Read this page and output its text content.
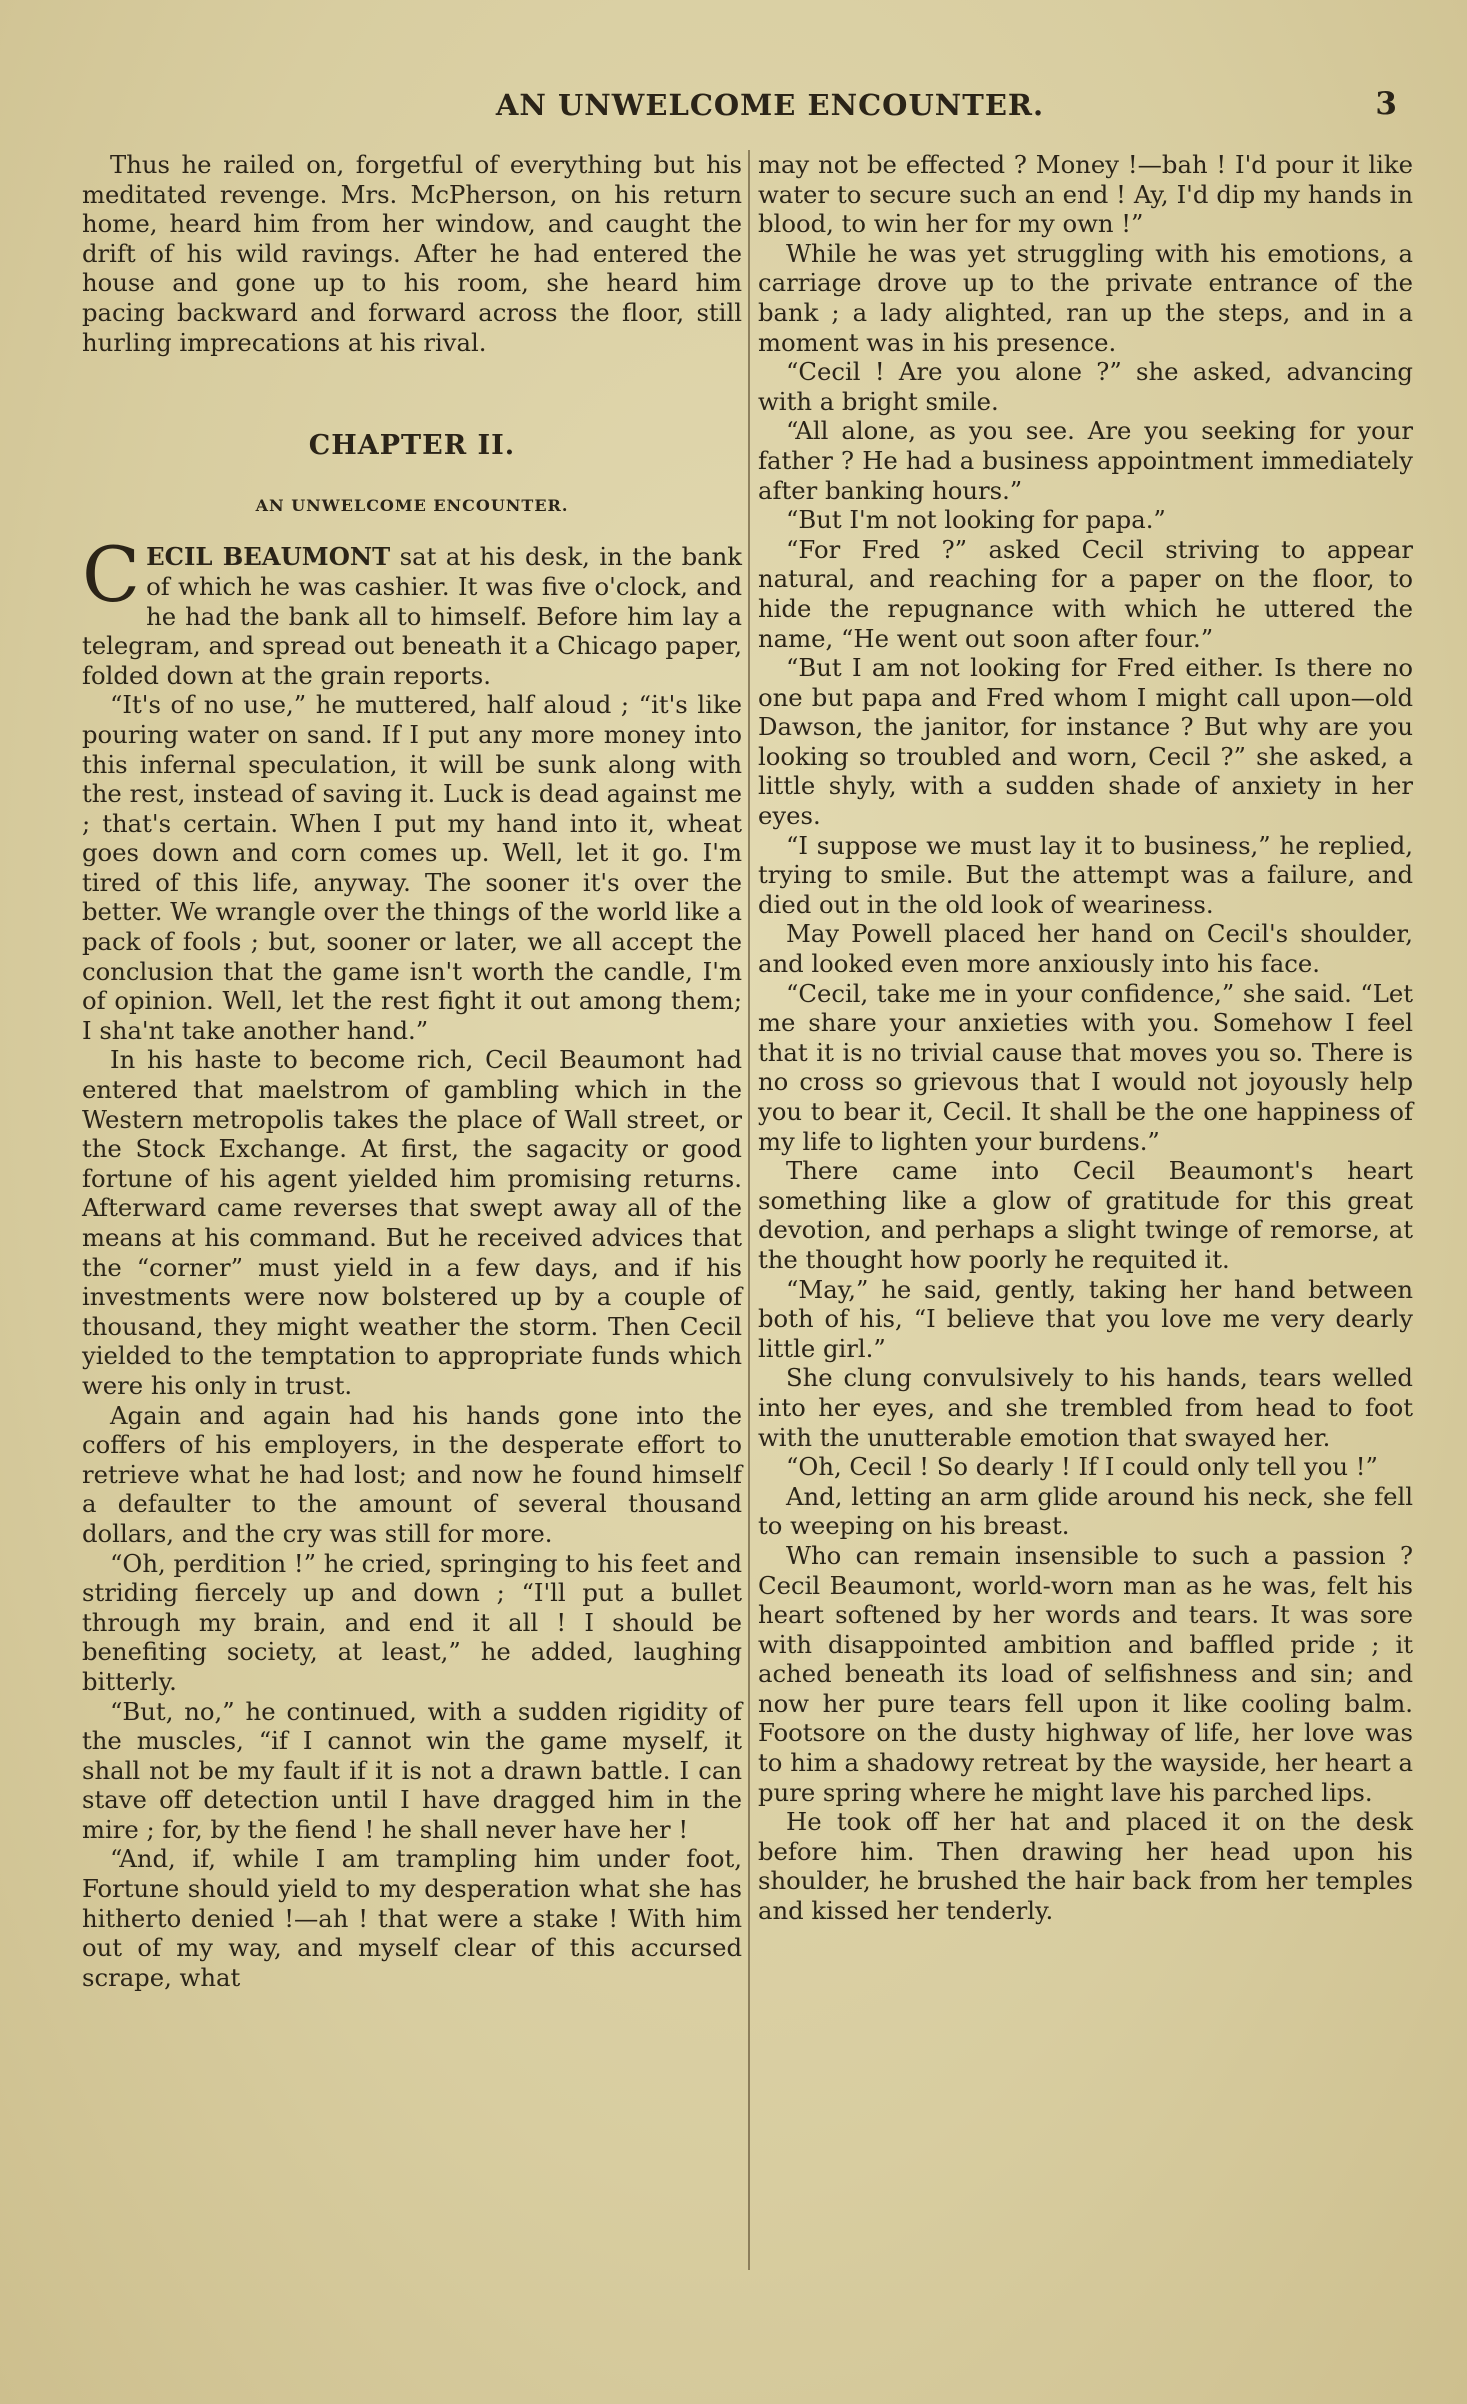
AN UNWELCOME ENCOUNTER.	3

Thus he railed on, forgetful of everything but his meditated revenge. Mrs. McPherson, on his return home, heard him from her window, and caught the drift of his wild ravings. After he had entered the house and gone up to his room, she heard him pacing backward and forward across the floor, still hurling imprecations at his rival.

CHAPTER II.
AN UNWELCOME ENCOUNTER.

CECIL BEAUMONT sat at his desk, in the bank of which he was cashier. It was five o'clock, and he had the bank all to himself. Before him lay a telegram, and spread out beneath it a Chicago paper, folded down at the grain reports.

“It's of no use,” he muttered, half aloud ; “it's like pouring water on sand. If I put any more money into this infernal speculation, it will be sunk along with the rest, instead of saving it. Luck is dead against me ; that's certain. When I put my hand into it, wheat goes down and corn comes up. Well, let it go. I'm tired of this life, anyway. The sooner it's over the better. We wrangle over the things of the world like a pack of fools ; but, sooner or later, we all accept the conclusion that the game isn't worth the candle, I'm of opinion. Well, let the rest fight it out among them; I sha'nt take another hand.”

In his haste to become rich, Cecil Beaumont had entered that maelstrom of gambling which in the Western metropolis takes the place of Wall street, or the Stock Exchange. At first, the sagacity or good fortune of his agent yielded him promising returns. Afterward came reverses that swept away all of the means at his command. But he received advices that the “corner” must yield in a few days, and if his investments were now bolstered up by a couple of thousand, they might weather the storm. Then Cecil yielded to the temptation to appropriate funds which were his only in trust.

Again and again had his hands gone into the coffers of his employers, in the desperate effort to retrieve what he had lost; and now he found himself a defaulter to the amount of several thousand dollars, and the cry was still for more.

“Oh, perdition !” he cried, springing to his feet and striding fiercely up and down ; “I'll put a bullet through my brain, and end it all ! I should be benefiting society, at least,” he added, laughing bitterly.

“But, no,” he continued, with a sudden rigidity of the muscles, “if I cannot win the game myself, it shall not be my fault if it is not a drawn battle. I can stave off detection until I have dragged him in the mire ; for, by the fiend ! he shall never have her !

“And, if, while I am trampling him under foot, Fortune should yield to my desperation what she has hitherto denied !—ah ! that were a stake ! With him out of my way, and myself clear of this accursed scrape, what

may not be effected ? Money !—bah ! I'd pour it like water to secure such an end ! Ay, I'd dip my hands in blood, to win her for my own !”

While he was yet struggling with his emotions, a carriage drove up to the private entrance of the bank ; a lady alighted, ran up the steps, and in a moment was in his presence.

“Cecil ! Are you alone ?” she asked, advancing with a bright smile.

“All alone, as you see. Are you seeking for your father ? He had a business appointment immediately after banking hours.”

“But I'm not looking for papa.”

“For Fred ?” asked Cecil striving to appear natural, and reaching for a paper on the floor, to hide the repugnance with which he uttered the name, “He went out soon after four.”

“But I am not looking for Fred either. Is there no one but papa and Fred whom I might call upon—old Dawson, the janitor, for instance ? But why are you looking so troubled and worn, Cecil ?” she asked, a little shyly, with a sudden shade of anxiety in her eyes.

“I suppose we must lay it to business,” he replied, trying to smile. But the attempt was a failure, and died out in the old look of weariness.

May Powell placed her hand on Cecil's shoulder, and looked even more anxiously into his face.

“Cecil, take me in your confidence,” she said. “Let me share your anxieties with you. Somehow I feel that it is no trivial cause that moves you so. There is no cross so grievous that I would not joyously help you to bear it, Cecil. It shall be the one happiness of my life to lighten your burdens.”

There came into Cecil Beaumont's heart something like a glow of gratitude for this great devotion, and perhaps a slight twinge of remorse, at the thought how poorly he requited it.

“May,” he said, gently, taking her hand between both of his, “I believe that you love me very dearly little girl.”

She clung convulsively to his hands, tears welled into her eyes, and she trembled from head to foot with the unutterable emotion that swayed her.

“Oh, Cecil ! So dearly ! If I could only tell you !”

And, letting an arm glide around his neck, she fell to weeping on his breast.

Who can remain insensible to such a passion ? Cecil Beaumont, world-worn man as he was, felt his heart softened by her words and tears. It was sore with disappointed ambition and baffled pride ; it ached beneath its load of selfishness and sin; and now her pure tears fell upon it like cooling balm. Footsore on the dusty highway of life, her love was to him a shadowy retreat by the wayside, her heart a pure spring where he might lave his parched lips.

He took off her hat and placed it on the desk before him. Then drawing her head upon his shoulder, he brushed the hair back from her temples and kissed her tenderly.
